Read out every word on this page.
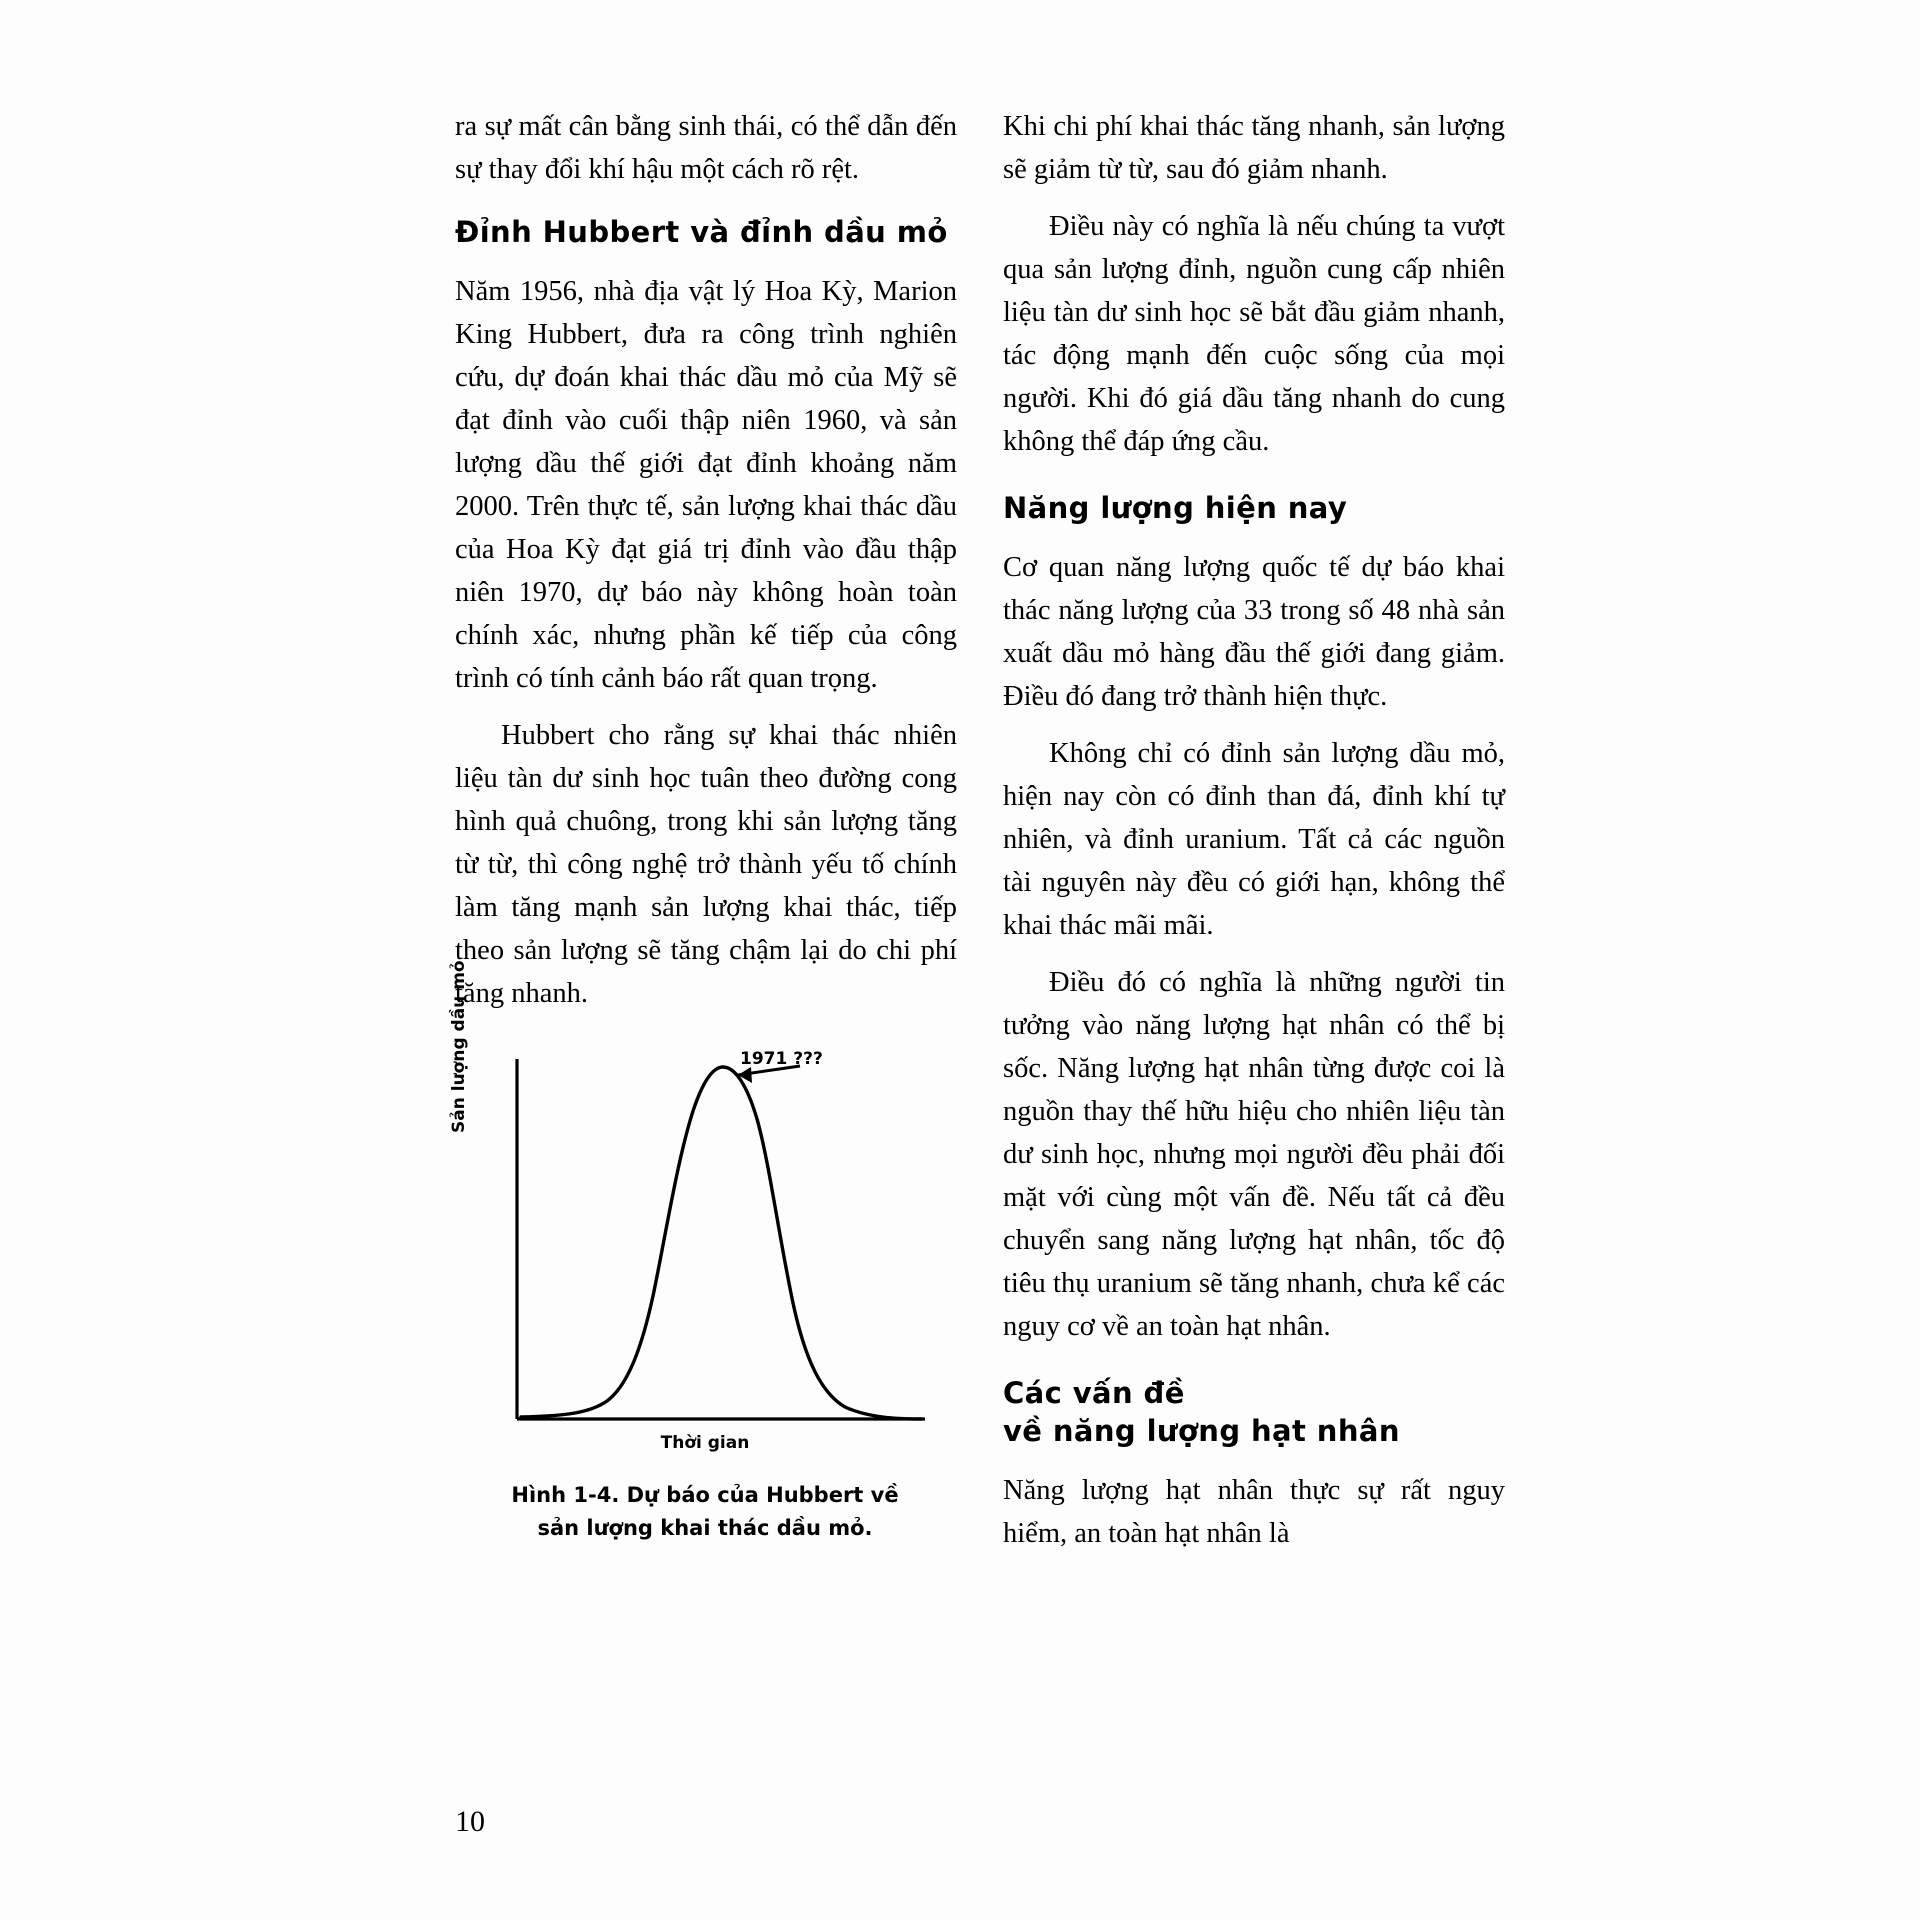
ra sự mất cân bằng sinh thái, có thể dẫn đến sự thay đổi khí hậu một cách rõ rệt.

Đỉnh Hubbert và đỉnh dầu mỏ

Năm 1956, nhà địa vật lý Hoa Kỳ, Marion King Hubbert, đưa ra công trình nghiên cứu, dự đoán khai thác dầu mỏ của Mỹ sẽ đạt đỉnh vào cuối thập niên 1960, và sản lượng dầu thế giới đạt đỉnh khoảng năm 2000. Trên thực tế, sản lượng khai thác dầu của Hoa Kỳ đạt giá trị đỉnh vào đầu thập niên 1970, dự báo này không hoàn toàn chính xác, nhưng phần kế tiếp của công trình có tính cảnh báo rất quan trọng.

Hubbert cho rằng sự khai thác nhiên liệu tàn dư sinh học tuân theo đường cong hình quả chuông, trong khi sản lượng tăng từ từ, thì công nghệ trở thành yếu tố chính làm tăng mạnh sản lượng khai thác, tiếp theo sản lượng sẽ tăng chậm lại do chi phí tăng nhanh.

Sản lượng dầu mỏ	1971 ???
Thời gian
Hình 1-4. Dự báo của Hubbert về
sản lượng khai thác dầu mỏ.

Khi chi phí khai thác tăng nhanh, sản lượng sẽ giảm từ từ, sau đó giảm nhanh.

Điều này có nghĩa là nếu chúng ta vượt qua sản lượng đỉnh, nguồn cung cấp nhiên liệu tàn dư sinh học sẽ bắt đầu giảm nhanh, tác động mạnh đến cuộc sống của mọi người. Khi đó giá dầu tăng nhanh do cung không thể đáp ứng cầu.

Năng lượng hiện nay

Cơ quan năng lượng quốc tế dự báo khai thác năng lượng của 33 trong số 48 nhà sản xuất dầu mỏ hàng đầu thế giới đang giảm. Điều đó đang trở thành hiện thực.

Không chỉ có đỉnh sản lượng dầu mỏ, hiện nay còn có đỉnh than đá, đỉnh khí tự nhiên, và đỉnh uranium. Tất cả các nguồn tài nguyên này đều có giới hạn, không thể khai thác mãi mãi.

Điều đó có nghĩa là những người tin tưởng vào năng lượng hạt nhân có thể bị sốc. Năng lượng hạt nhân từng được coi là nguồn thay thế hữu hiệu cho nhiên liệu tàn dư sinh học, nhưng mọi người đều phải đối mặt với cùng một vấn đề. Nếu tất cả đều chuyển sang năng lượng hạt nhân, tốc độ tiêu thụ uranium sẽ tăng nhanh, chưa kể các nguy cơ về an toàn hạt nhân.

Các vấn đề
về năng lượng hạt nhân

Năng lượng hạt nhân thực sự rất nguy hiểm, an toàn hạt nhân là

10
